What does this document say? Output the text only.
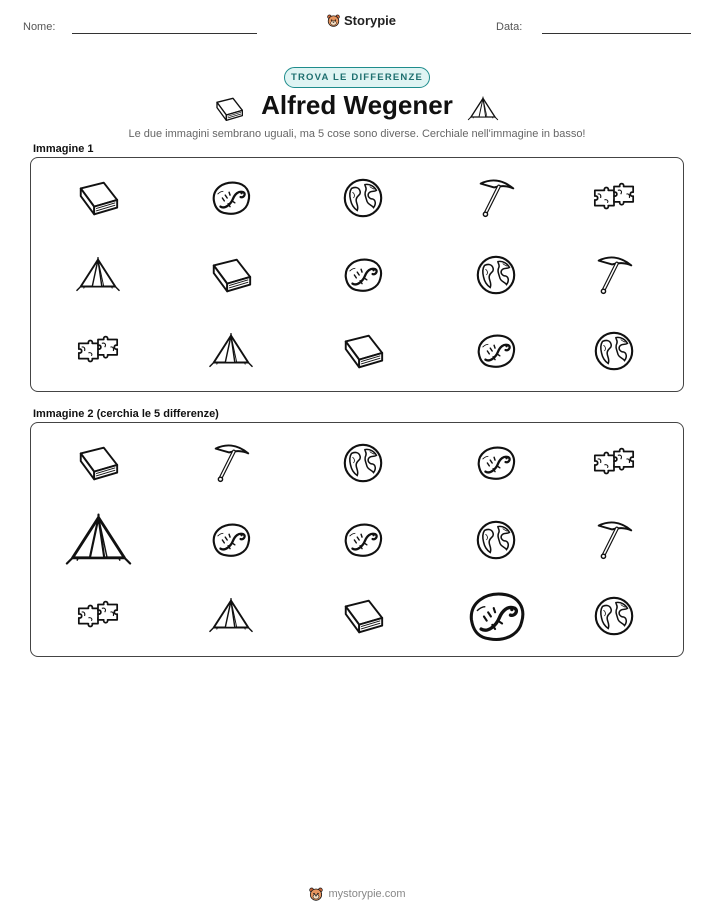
Nome:	Storypie	Data:
TROVA LE DIFFERENZE
Alfred Wegener
Le due immagini sembrano uguali, ma 5 cose sono diverse. Cerchiale nell'immagine in basso!
Immagine 1
Immagine 2 (cerchia le 5 differenze)
mystorypie.com
